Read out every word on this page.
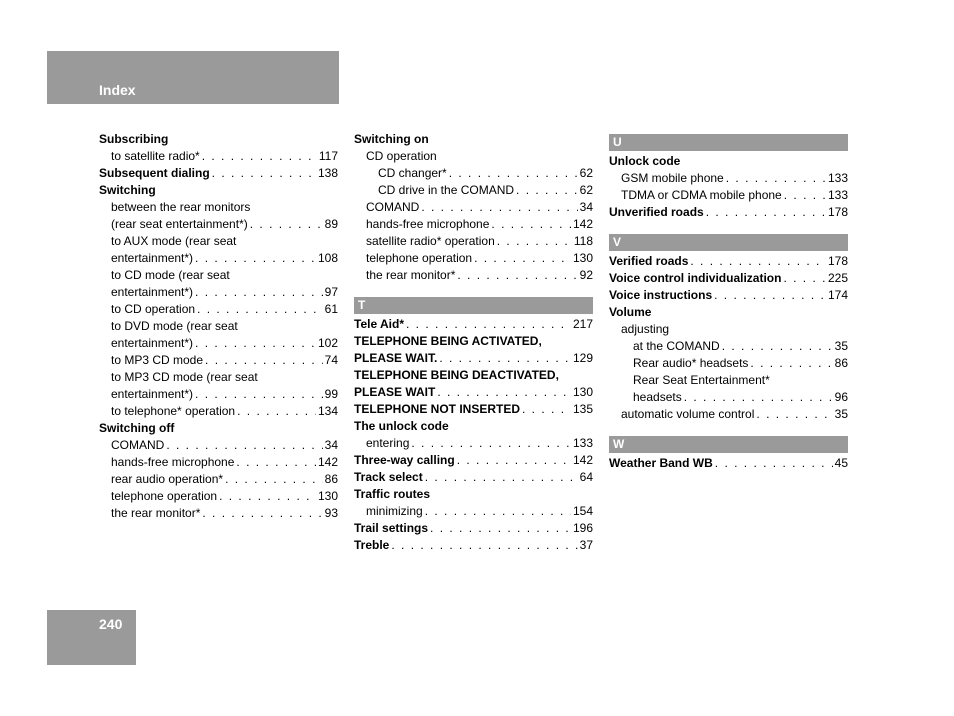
Index
Subscribing
to satellite radio* . . .	117
Subsequent dialing . . .	138
Switching
between the rear monitors
(rear seat entertainment*) . . .	89
to AUX mode (rear seat
entertainment*) . . .	108
to CD mode (rear seat
entertainment*) . . .	97
to CD operation . . .	61
to DVD mode (rear seat
entertainment*) . . .	102
to MP3 CD mode . . .	74
to MP3 CD mode (rear seat
entertainment*) . . .	99
to telephone* operation . . .	134
Switching off
COMAND . . .	34
hands-free microphone . . .	142
rear audio operation* . . .	86
telephone operation . . .	130
the rear monitor* . . .	93
Switching on
CD operation
CD changer* . . .	62
CD drive in the COMAND . . .	62
COMAND . . .	34
hands-free microphone . . .	142
satellite radio* operation . . .	118
telephone operation . . .	130
the rear monitor* . . .	92
T
Tele Aid* . . .	217
TELEPHONE BEING ACTIVATED,
PLEASE WAIT. . . .	129
TELEPHONE BEING DEACTIVATED,
PLEASE WAIT . . .	130
TELEPHONE NOT INSERTED . . .	135
The unlock code
entering . . .	133
Three-way calling . . .	142
Track select . . .	64
Traffic routes
minimizing . . .	154
Trail settings . . .	196
Treble . . .	37
U
Unlock code
GSM mobile phone . . .	133
TDMA or CDMA mobile phone . . .	133
Unverified roads . . .	178
V
Verified roads . . .	178
Voice control individualization . . .	225
Voice instructions . . .	174
Volume
adjusting
at the COMAND . . .	35
Rear audio* headsets . . .	86
Rear Seat Entertainment*
headsets . . .	96
automatic volume control . . .	35
W
Weather Band WB . . .	45
240
